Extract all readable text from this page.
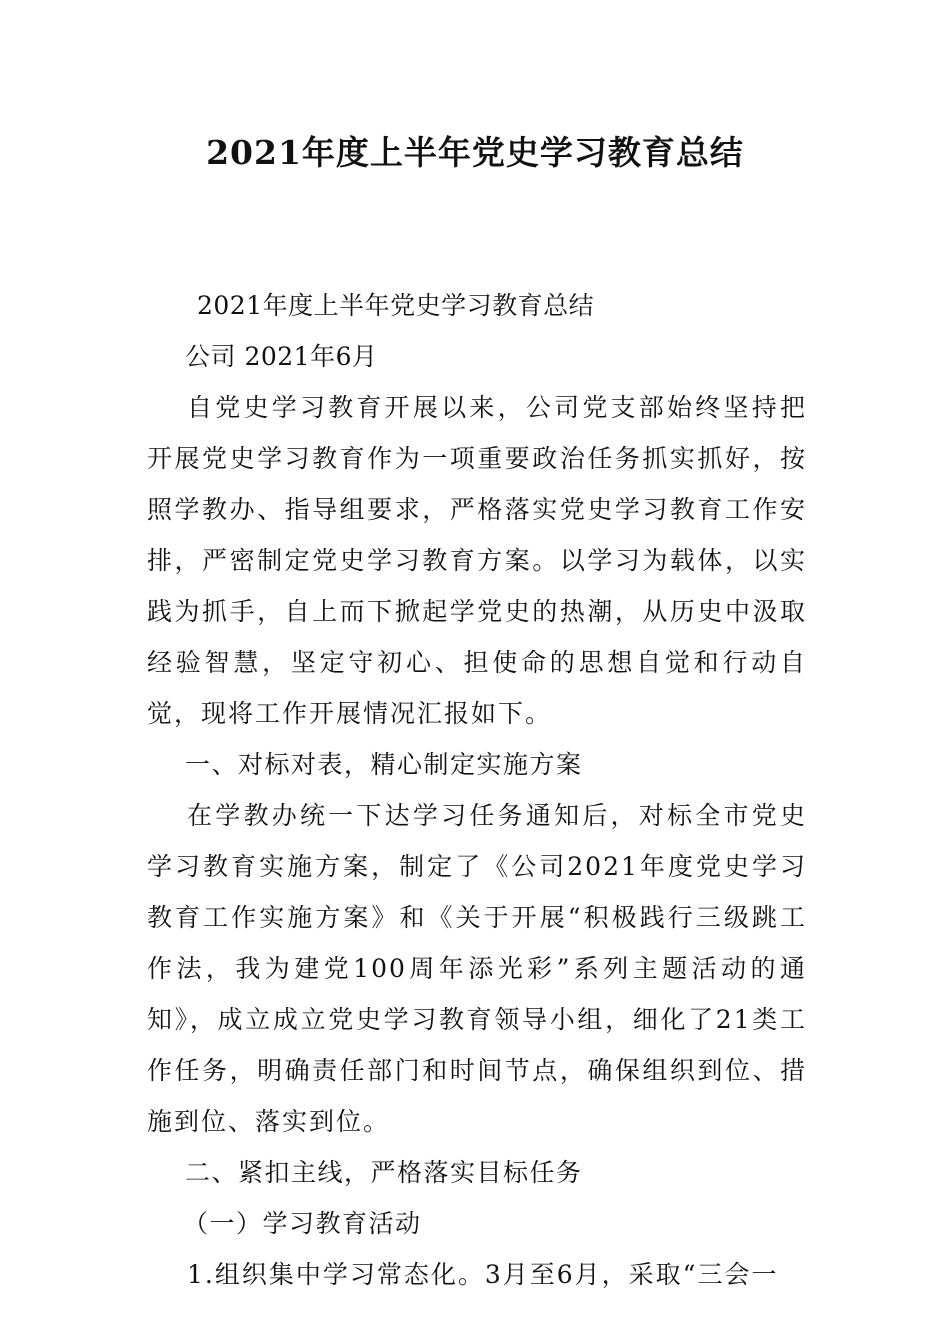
2021年度上半年党史学习教育总结

2021年度上半年党史学习教育总结

公司 2021年6月

自党史学习教育开展以来，公司党支部始终坚持把开展党史学习教育作为一项重要政治任务抓实抓好，按照学教办、指导组要求，严格落实党史学习教育工作安排，严密制定党史学习教育方案。以学习为载体，以实践为抓手，自上而下掀起学党史的热潮，从历史中汲取经验智慧，坚定守初心、担使命的思想自觉和行动自觉，现将工作开展情况汇报如下。

一、对标对表，精心制定实施方案

在学教办统一下达学习任务通知后，对标全市党史学习教育实施方案，制定了《公司2021年度党史学习教育工作实施方案》和《关于开展“积极践行三级跳工作法，我为建党100周年添光彩”系列主题活动的通知》，成立成立党史学习教育领导小组，细化了21类工作任务，明确责任部门和时间节点，确保组织到位、措施到位、落实到位。

二、紧扣主线，严格落实目标任务

（一）学习教育活动

1.组织集中学习常态化。3月至6月，采取“三会一
